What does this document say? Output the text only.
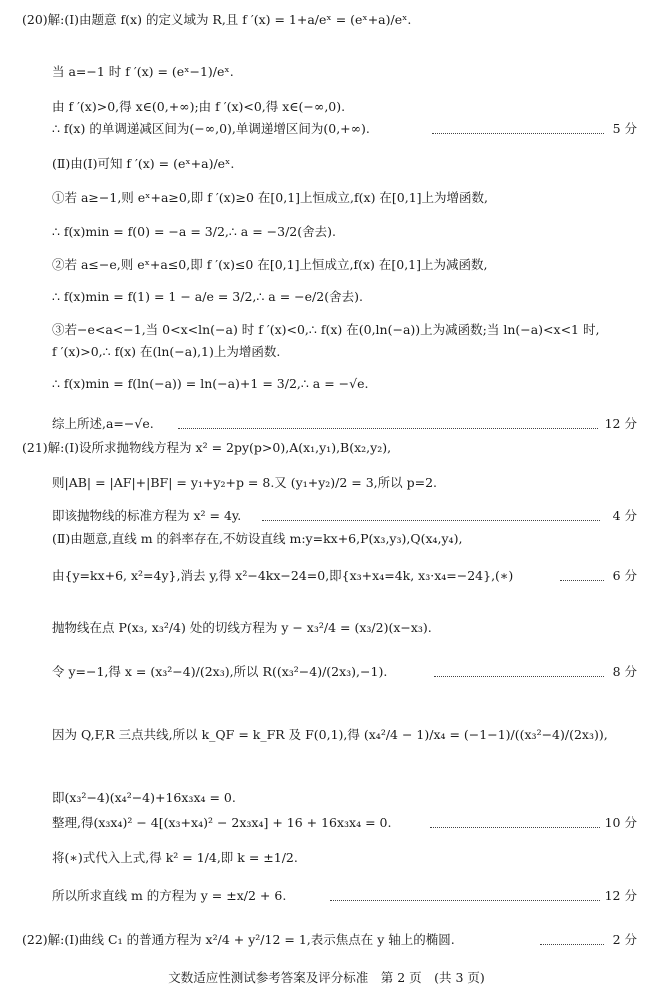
(20)解:(Ⅰ)由题意 f(x) 的定义域为 R,且 f ′(x) = 1+a/eˣ = (eˣ+a)/eˣ.
当 a=−1 时 f ′(x) = (eˣ−1)/eˣ.
由 f ′(x)>0,得 x∈(0,+∞);由 f ′(x)<0,得 x∈(−∞,0).
∴ f(x) 的单调递减区间为(−∞,0),单调递增区间为(0,+∞).	5 分
(Ⅱ)由(Ⅰ)可知 f ′(x) = (eˣ+a)/eˣ.
①若 a≥−1,则 eˣ+a≥0,即 f ′(x)≥0 在[0,1]上恒成立,f(x) 在[0,1]上为增函数,
∴ f(x)min = f(0) = −a = 3/2,∴ a = −3/2(舍去).
②若 a≤−e,则 eˣ+a≤0,即 f ′(x)≤0 在[0,1]上恒成立,f(x) 在[0,1]上为减函数,
∴ f(x)min = f(1) = 1 − a/e = 3/2,∴ a = −e/2(舍去).
③若−e<a<−1,当 0<x<ln(−a) 时 f ′(x)<0,∴ f(x) 在(0,ln(−a))上为减函数;当 ln(−a)<x<1 时,
f ′(x)>0,∴ f(x) 在(ln(−a),1)上为增函数.
∴ f(x)min = f(ln(−a)) = ln(−a)+1 = 3/2,∴ a = −√e.
综上所述,a=−√e.	12 分
(21)解:(Ⅰ)设所求抛物线方程为 x² = 2py(p>0),A(x₁,y₁),B(x₂,y₂),
则|AB| = |AF|+|BF| = y₁+y₂+p = 8.又 (y₁+y₂)/2 = 3,所以 p=2.
即该抛物线的标准方程为 x² = 4y.	4 分
(Ⅱ)由题意,直线 m 的斜率存在,不妨设直线 m:y=kx+6,P(x₃,y₃),Q(x₄,y₄),
由{y=kx+6, x²=4y},消去 y,得 x²−4kx−24=0,即{x₃+x₄=4k, x₃·x₄=−24},(∗)	6 分
抛物线在点 P(x₃, x₃²/4) 处的切线方程为 y − x₃²/4 = (x₃/2)(x−x₃).
令 y=−1,得 x = (x₃²−4)/(2x₃),所以 R((x₃²−4)/(2x₃),−1).	8 分
因为 Q,F,R 三点共线,所以 k_QF = k_FR 及 F(0,1),得 (x₄²/4 − 1)/x₄ = (−1−1)/((x₃²−4)/(2x₃)),
即(x₃²−4)(x₄²−4)+16x₃x₄ = 0.
整理,得(x₃x₄)² − 4[(x₃+x₄)² − 2x₃x₄] + 16 + 16x₃x₄ = 0.	10 分
将(∗)式代入上式,得 k² = 1/4,即 k = ±1/2.
所以所求直线 m 的方程为 y = ±x/2 + 6.	12 分
(22)解:(Ⅰ)曲线 C₁ 的普通方程为 x²/4 + y²/12 = 1,表示焦点在 y 轴上的椭圆.	2 分
文数适应性测试参考答案及评分标准　第 2 页　(共 3 页)
